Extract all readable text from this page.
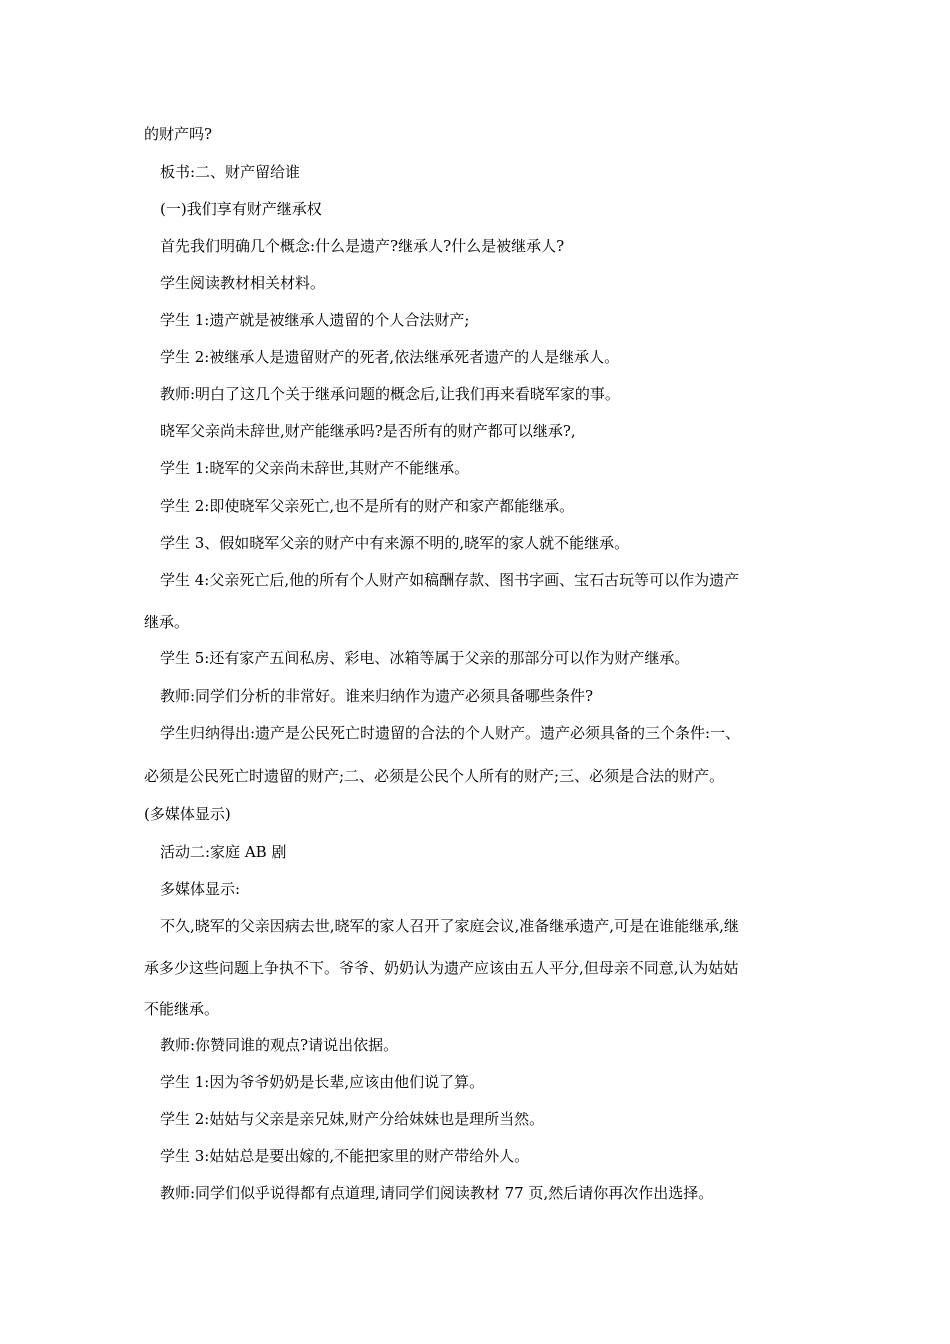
的财产吗?
板书:二、财产留给谁
(一)我们享有财产继承权
首先我们明确几个概念:什么是遗产?继承人?什么是被继承人?
学生阅读教材相关材料。
学生 1:遗产就是被继承人遗留的个人合法财产;
学生 2:被继承人是遗留财产的死者,依法继承死者遗产的人是继承人。
教师:明白了这几个关于继承问题的概念后,让我们再来看晓军家的事。
晓军父亲尚未辞世,财产能继承吗?是否所有的财产都可以继承?,
学生 1:晓军的父亲尚未辞世,其财产不能继承。
学生 2:即使晓军父亲死亡,也不是所有的财产和家产都能继承。
学生 3、假如晓军父亲的财产中有来源不明的,晓军的家人就不能继承。
学生 4:父亲死亡后,他的所有个人财产如稿酬存款、图书字画、宝石古玩等可以作为遗产
继承。
学生 5:还有家产五间私房、彩电、冰箱等属于父亲的那部分可以作为财产继承。
教师:同学们分析的非常好。谁来归纳作为遗产必须具备哪些条件?
学生归纳得出:遗产是公民死亡时遗留的合法的个人财产。遗产必须具备的三个条件:一、
必须是公民死亡时遗留的财产;二、必须是公民个人所有的财产;三、必须是合法的财产。
(多媒体显示)
活动二:家庭 AB 剧
多媒体显示:
不久,晓军的父亲因病去世,晓军的家人召开了家庭会议,准备继承遗产,可是在谁能继承,继
承多少这些问题上争执不下。爷爷、奶奶认为遗产应该由五人平分,但母亲不同意,认为姑姑
不能继承。
教师:你赞同谁的观点?请说出依据。
学生 1:因为爷爷奶奶是长辈,应该由他们说了算。
学生 2:姑姑与父亲是亲兄妹,财产分给妹妹也是理所当然。
学生 3:姑姑总是要出嫁的,不能把家里的财产带给外人。
教师:同学们似乎说得都有点道理,请同学们阅读教材 77 页,然后请你再次作出选择。
